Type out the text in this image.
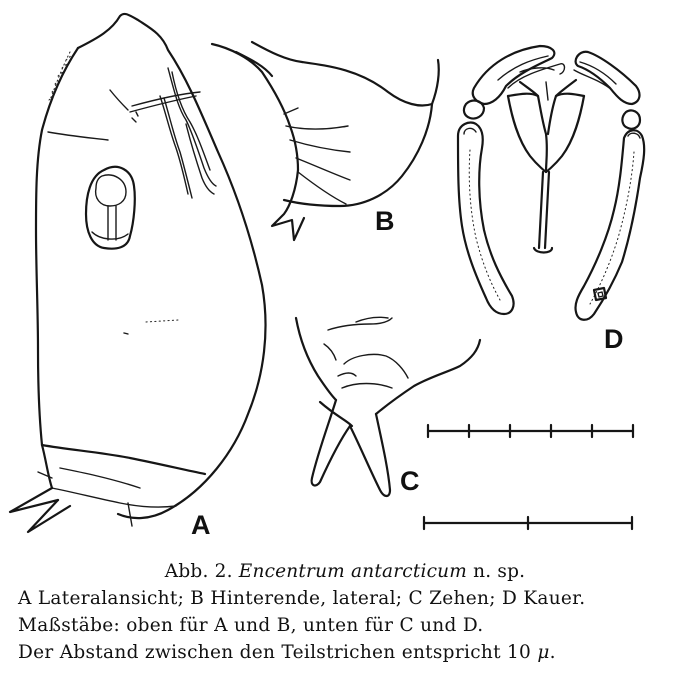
A
B
C
D
Abb. 2. Encentrum antarcticum n. sp.
A Lateralansicht; B Hinterende, lateral; C Zehen; D Kauer.
Maßstäbe: oben für A und B, unten für C und D.
Der Abstand zwischen den Teilstrichen entspricht 10 μ.
